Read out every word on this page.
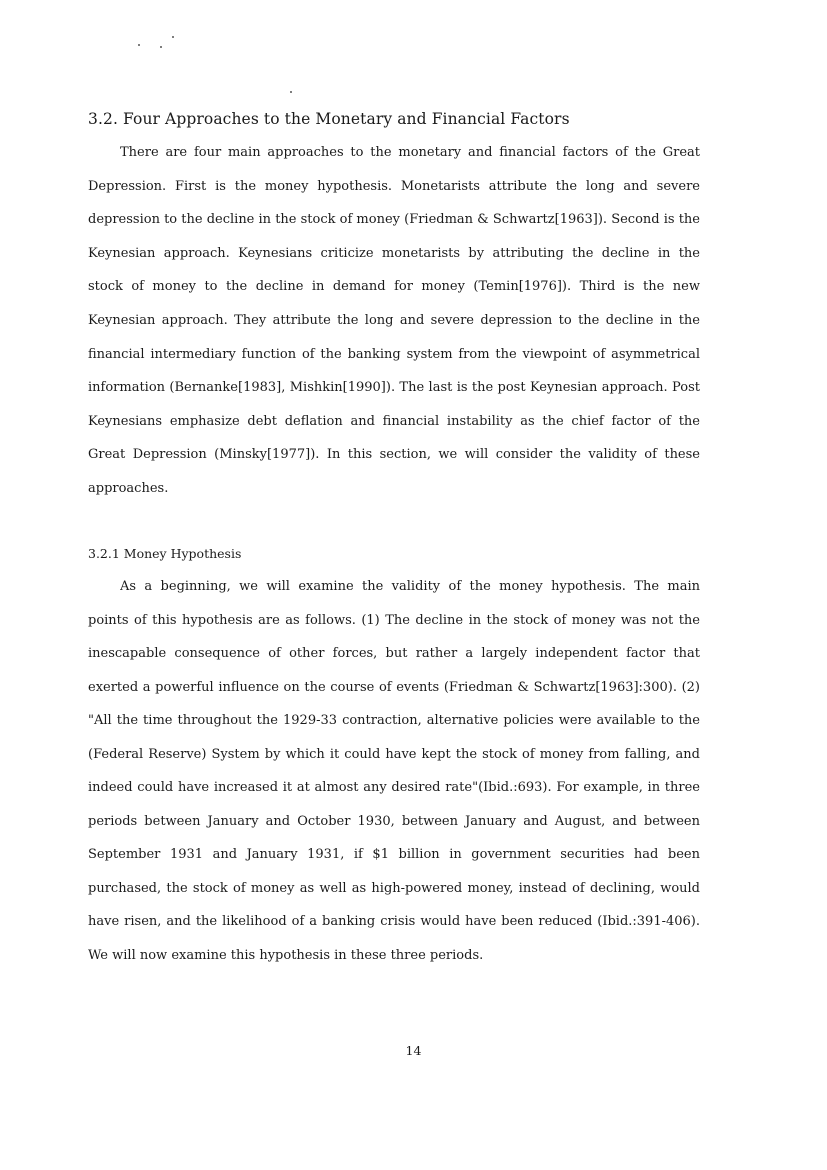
3.2. Four Approaches to the Monetary and Financial Factors
There are four main approaches to the monetary and financial factors of the Great
Depression. First is the money hypothesis. Monetarists attribute the long and severe
depression to the decline in the stock of money (Friedman & Schwartz[1963]). Second is the
Keynesian approach. Keynesians criticize monetarists by attributing the decline in the
stock of money to the decline in demand for money (Temin[1976]). Third is the new
Keynesian approach. They attribute the long and severe depression to the decline in the
financial intermediary function of the banking system from the viewpoint of asymmetrical
information (Bernanke[1983], Mishkin[1990]). The last is the post Keynesian approach. Post
Keynesians emphasize debt deflation and financial instability as the chief factor of the
Great Depression (Minsky[1977]). In this section, we will consider the validity of these
approaches.
3.2.1 Money Hypothesis
As a beginning, we will examine the validity of the money hypothesis. The main
points of this hypothesis are as follows. (1) The decline in the stock of money was not the
inescapable consequence of other forces, but rather a largely independent factor that
exerted a powerful influence on the course of events (Friedman & Schwartz[1963]:300). (2)
"All the time throughout the 1929-33 contraction, alternative policies were available to the
(Federal Reserve) System by which it could have kept the stock of money from falling, and
indeed could have increased it at almost any desired rate"(Ibid.:693). For example, in three
periods between January and October 1930, between January and August, and between
September 1931 and January 1931, if $1 billion in government securities had been
purchased, the stock of money as well as high-powered money, instead of declining, would
have risen, and the likelihood of a banking crisis would have been reduced (Ibid.:391-406).
We will now examine this hypothesis in these three periods.
14
